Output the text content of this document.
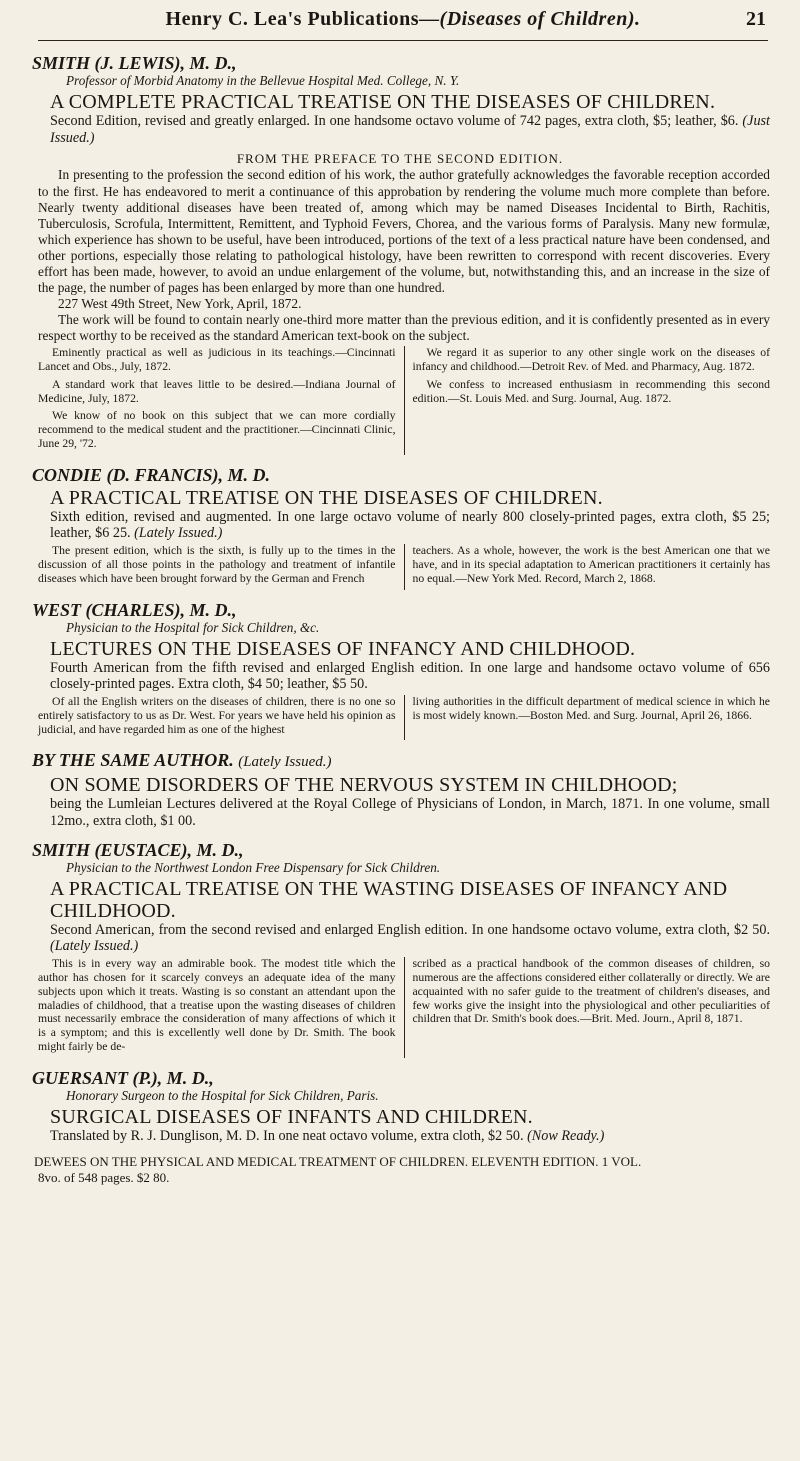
Henry C. Lea's Publications—(Diseases of Children).	21
SMITH (J. LEWIS), M. D.,
Professor of Morbid Anatomy in the Bellevue Hospital Med. College, N. Y.
A COMPLETE PRACTICAL TREATISE ON THE DISEASES OF CHILDREN.
Second Edition, revised and greatly enlarged. In one handsome octavo volume of 742 pages, extra cloth, $5; leather, $6. (Just Issued.)
FROM THE PREFACE TO THE SECOND EDITION.
In presenting to the profession the second edition of his work, the author gratefully acknowledges the favorable reception accorded to the first. He has endeavored to merit a continuance of this approbation by rendering the volume much more complete than before. Nearly twenty additional diseases have been treated of, among which may be named Diseases Incidental to Birth, Rachitis, Tuberculosis, Scrofula, Intermittent, Remittent, and Typhoid Fevers, Chorea, and the various forms of Paralysis. Many new formulæ, which experience has shown to be useful, have been introduced, portions of the text of a less practical nature have been condensed, and other portions, especially those relating to pathological histology, have been rewritten to correspond with recent discoveries. Every effort has been made, however, to avoid an undue enlargement of the volume, but, notwithstanding this, and an increase in the size of the page, the number of pages has been enlarged by more than one hundred.
227 West 49th Street, New York, April, 1872.
The work will be found to contain nearly one-third more matter than the previous edition, and it is confidently presented as in every respect worthy to be received as the standard American text-book on the subject.

Eminently practical as well as judicious in its teachings.—Cincinnati Lancet and Obs., July, 1872.

A standard work that leaves little to be desired.—Indiana Journal of Medicine, July, 1872.

We know of no book on this subject that we can more cordially recommend to the medical student and the practitioner.—Cincinnati Clinic, June 29, '72.

We regard it as superior to any other single work on the diseases of infancy and childhood.—Detroit Rev. of Med. and Pharmacy, Aug. 1872.

We confess to increased enthusiasm in recommending this second edition.—St. Louis Med. and Surg. Journal, Aug. 1872.

CONDIE (D. FRANCIS), M. D.
A PRACTICAL TREATISE ON THE DISEASES OF CHILDREN.
Sixth edition, revised and augmented. In one large octavo volume of nearly 800 closely-printed pages, extra cloth, $5 25; leather, $6 25. (Lately Issued.)

The present edition, which is the sixth, is fully up to the times in the discussion of all those points in the pathology and treatment of infantile diseases which have been brought forward by the German and French

teachers. As a whole, however, the work is the best American one that we have, and in its special adaptation to American practitioners it certainly has no equal.—New York Med. Record, March 2, 1868.

WEST (CHARLES), M. D.,
Physician to the Hospital for Sick Children, &c.
LECTURES ON THE DISEASES OF INFANCY AND CHILDHOOD.
Fourth American from the fifth revised and enlarged English edition. In one large and handsome octavo volume of 656 closely-printed pages. Extra cloth, $4 50; leather, $5 50.

Of all the English writers on the diseases of children, there is no one so entirely satisfactory to us as Dr. West. For years we have held his opinion as judicial, and have regarded him as one of the highest

living authorities in the difficult department of medical science in which he is most widely known.—Boston Med. and Surg. Journal, April 26, 1866.

BY THE SAME AUTHOR. (Lately Issued.)
ON SOME DISORDERS OF THE NERVOUS SYSTEM IN CHILDHOOD;
being the Lumleian Lectures delivered at the Royal College of Physicians of London, in March, 1871. In one volume, small 12mo., extra cloth, $1 00.
SMITH (EUSTACE), M. D.,
Physician to the Northwest London Free Dispensary for Sick Children.
A PRACTICAL TREATISE ON THE WASTING DISEASES OF INFANCY AND CHILDHOOD.
Second American, from the second revised and enlarged English edition. In one handsome octavo volume, extra cloth, $2 50. (Lately Issued.)

This is in every way an admirable book. The modest title which the author has chosen for it scarcely conveys an adequate idea of the many subjects upon which it treats. Wasting is so constant an attendant upon the maladies of childhood, that a treatise upon the wasting diseases of children must necessarily embrace the consideration of many affections of which it is a symptom; and this is excellently well done by Dr. Smith. The book might fairly be de-

scribed as a practical handbook of the common diseases of children, so numerous are the affections considered either collaterally or directly. We are acquainted with no safer guide to the treatment of children's diseases, and few works give the insight into the physiological and other peculiarities of children that Dr. Smith's book does.—Brit. Med. Journ., April 8, 1871.

GUERSANT (P.), M. D.,
Honorary Surgeon to the Hospital for Sick Children, Paris.
SURGICAL DISEASES OF INFANTS AND CHILDREN.
Translated by R. J. Dunglison, M. D. In one neat octavo volume, extra cloth, $2 50. (Now Ready.)
DEWEES ON THE PHYSICAL AND MEDICAL TREATMENT OF CHILDREN. ELEVENTH EDITION. 1 VOL.
8vo. of 548 pages. $2 80.
